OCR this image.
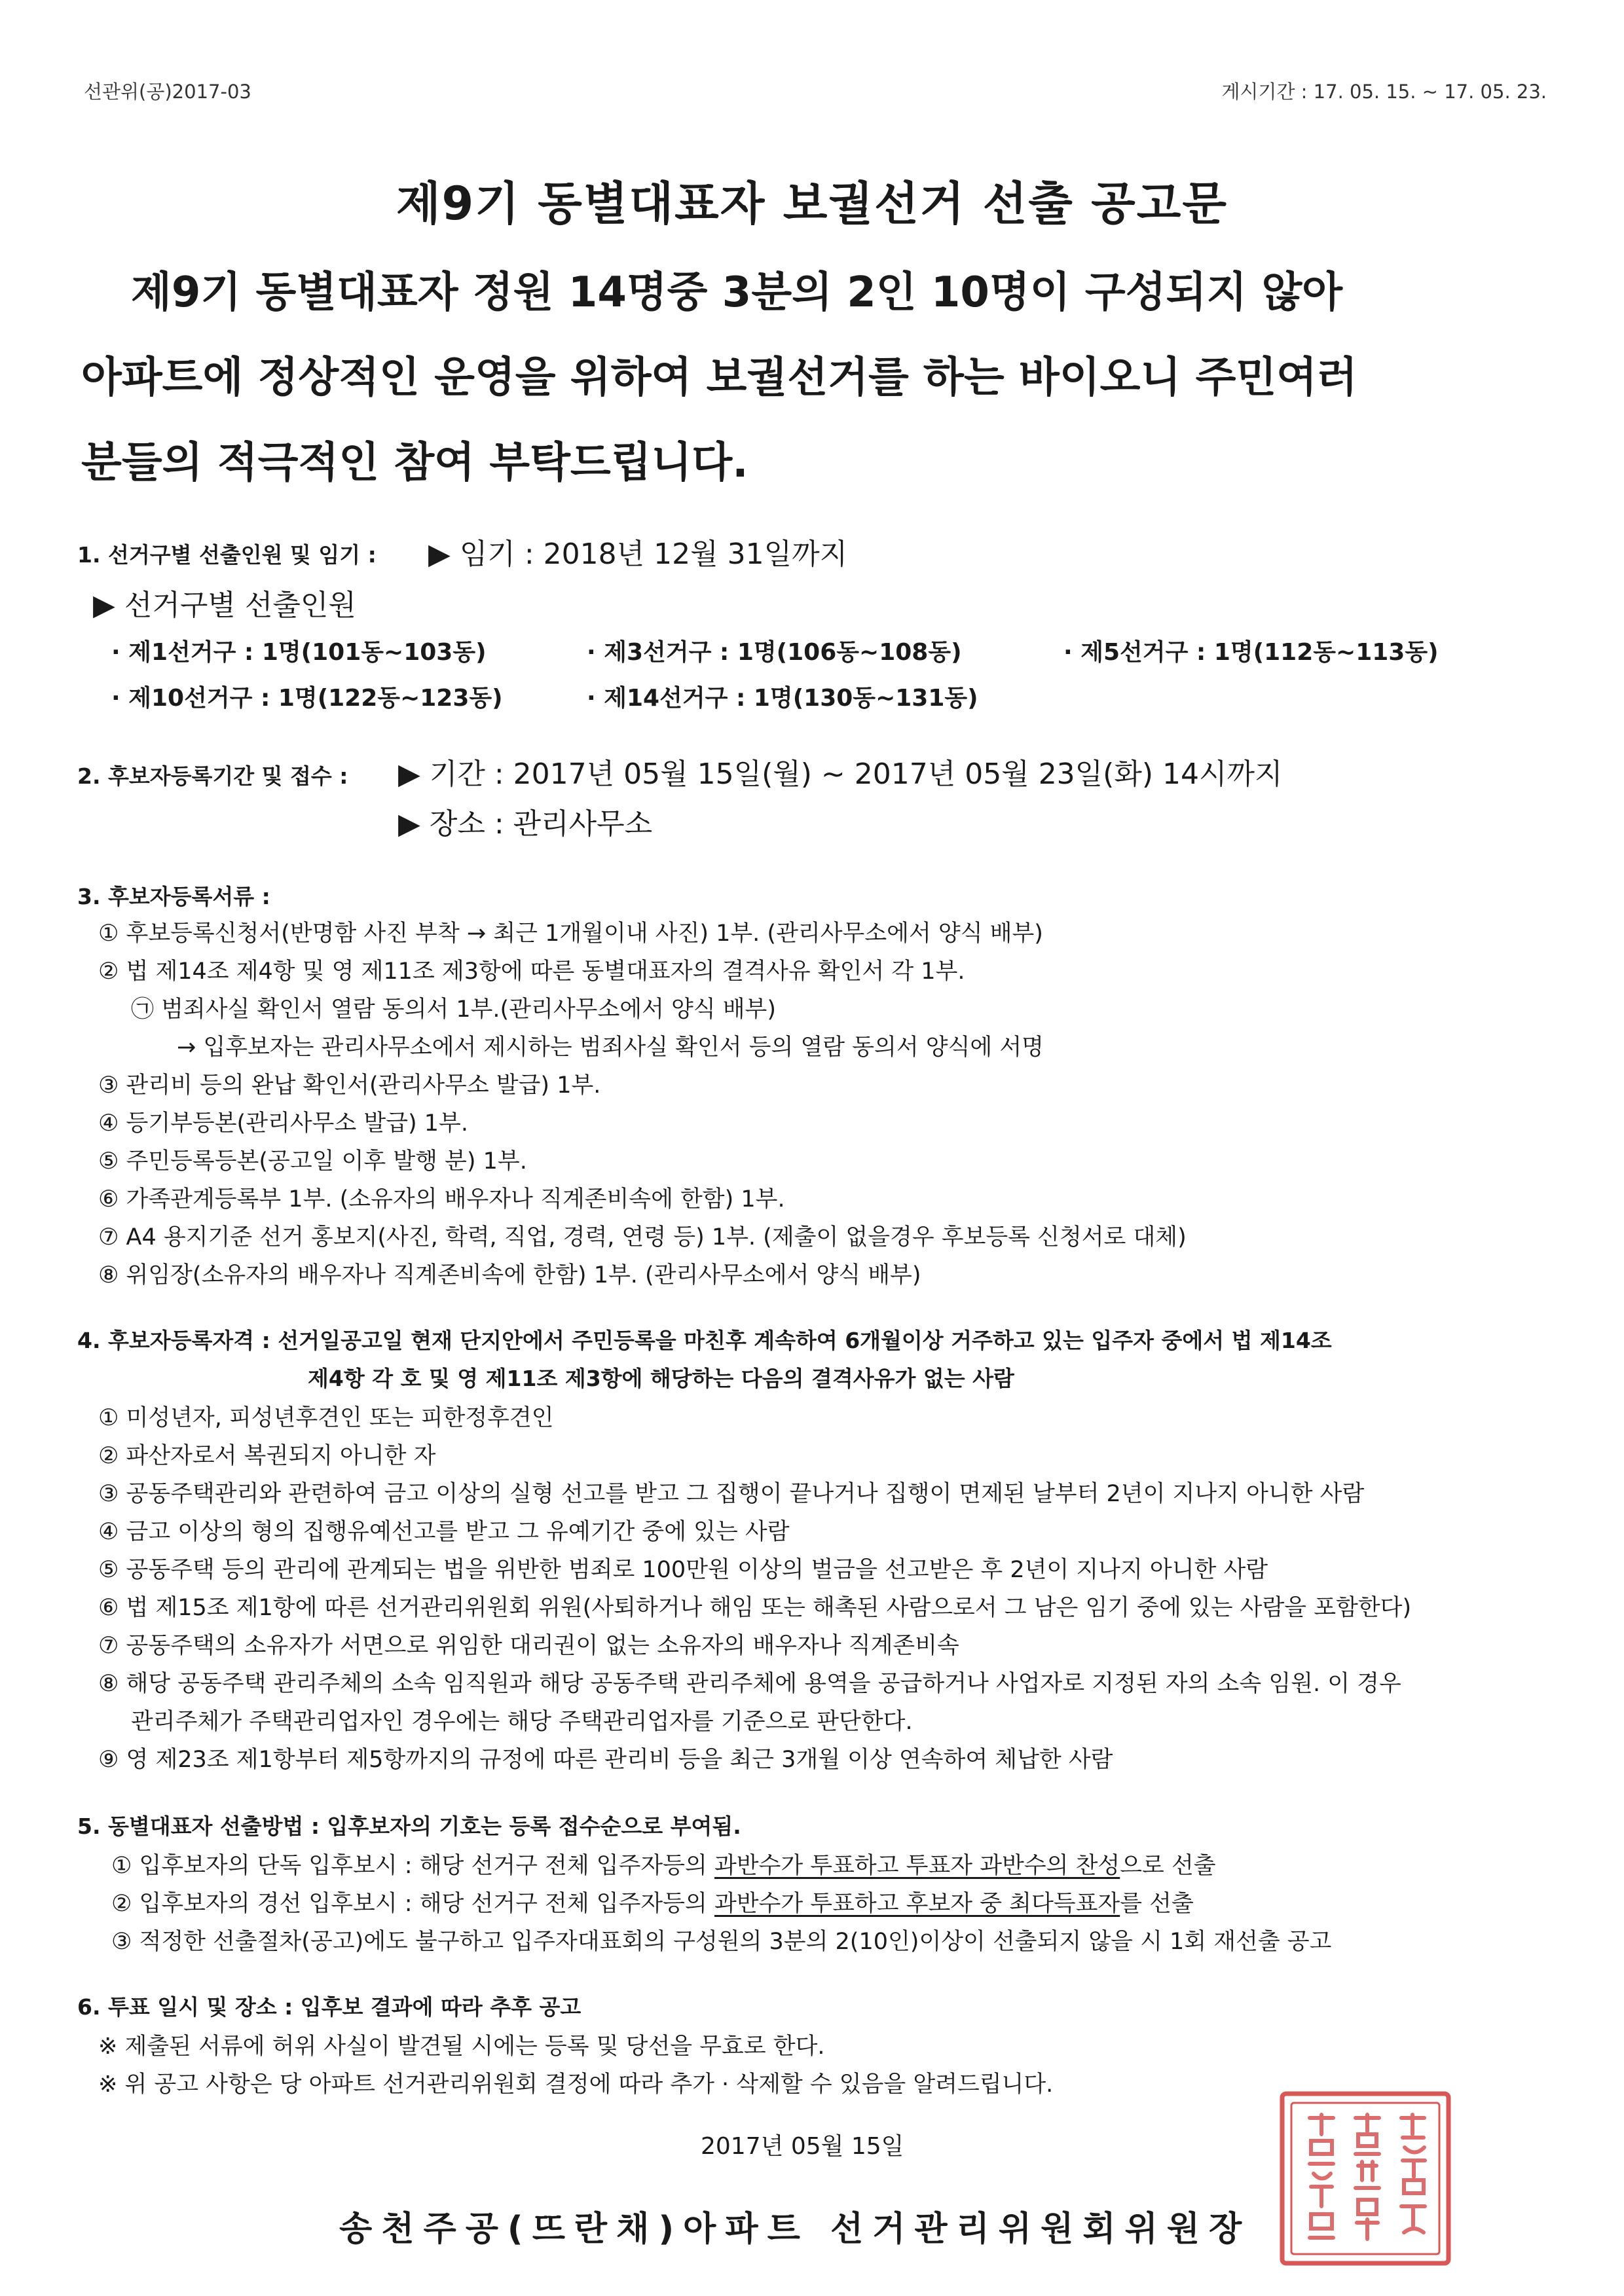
선관위(공)2017-03	게시기간 : 17. 05. 15. ~ 17. 05. 23.
제9기 동별대표자 보궐선거 선출 공고문
제9기 동별대표자 정원 14명중 3분의 2인 10명이 구성되지 않아
아파트에 정상적인 운영을 위하여 보궐선거를 하는 바이오니 주민여러
분들의 적극적인 참여 부탁드립니다.
1. 선거구별 선출인원 및 임기 : ▶ 임기 : 2018년 12월 31일까지
▶ 선거구별 선출인원
· 제1선거구 : 1명(101동~103동)	· 제3선거구 : 1명(106동~108동)	· 제5선거구 : 1명(112동~113동)
· 제10선거구 : 1명(122동~123동)	· 제14선거구 : 1명(130동~131동)
2. 후보자등록기간 및 접수 : ▶ 기간 : 2017년 05월 15일(월) ~ 2017년 05월 23일(화) 14시까지
▶ 장소 : 관리사무소
3. 후보자등록서류 :
① 후보등록신청서(반명함 사진 부착 → 최근 1개월이내 사진) 1부. (관리사무소에서 양식 배부)
② 법 제14조 제4항 및 영 제11조 제3항에 따른 동별대표자의 결격사유 확인서 각 1부.
㉠ 범죄사실 확인서 열람 동의서 1부.(관리사무소에서 양식 배부)
→ 입후보자는 관리사무소에서 제시하는 범죄사실 확인서 등의 열람 동의서 양식에 서명
③ 관리비 등의 완납 확인서(관리사무소 발급) 1부.
④ 등기부등본(관리사무소 발급) 1부.
⑤ 주민등록등본(공고일 이후 발행 분) 1부.
⑥ 가족관계등록부 1부. (소유자의 배우자나 직계존비속에 한함) 1부.
⑦ A4 용지기준 선거 홍보지(사진, 학력, 직업, 경력, 연령 등) 1부. (제출이 없을경우 후보등록 신청서로 대체)
⑧ 위임장(소유자의 배우자나 직계존비속에 한함) 1부. (관리사무소에서 양식 배부)
4. 후보자등록자격 : 선거일공고일 현재 단지안에서 주민등록을 마친후 계속하여 6개월이상 거주하고 있는 입주자 중에서 법 제14조
제4항 각 호 및 영 제11조 제3항에 해당하는 다음의 결격사유가 없는 사람
① 미성년자, 피성년후견인 또는 피한정후견인
② 파산자로서 복권되지 아니한 자
③ 공동주택관리와 관련하여 금고 이상의 실형 선고를 받고 그 집행이 끝나거나 집행이 면제된 날부터 2년이 지나지 아니한 사람
④ 금고 이상의 형의 집행유예선고를 받고 그 유예기간 중에 있는 사람
⑤ 공동주택 등의 관리에 관계되는 법을 위반한 범죄로 100만원 이상의 벌금을 선고받은 후 2년이 지나지 아니한 사람
⑥ 법 제15조 제1항에 따른 선거관리위원회 위원(사퇴하거나 해임 또는 해촉된 사람으로서 그 남은 임기 중에 있는 사람을 포함한다)
⑦ 공동주택의 소유자가 서면으로 위임한 대리권이 없는 소유자의 배우자나 직계존비속
⑧ 해당 공동주택 관리주체의 소속 임직원과 해당 공동주택 관리주체에 용역을 공급하거나 사업자로 지정된 자의 소속 임원. 이 경우
관리주체가 주택관리업자인 경우에는 해당 주택관리업자를 기준으로 판단한다.
⑨ 영 제23조 제1항부터 제5항까지의 규정에 따른 관리비 등을 최근 3개월 이상 연속하여 체납한 사람
5. 동별대표자 선출방법 : 입후보자의 기호는 등록 접수순으로 부여됨.
① 입후보자의 단독 입후보시 : 해당 선거구 전체 입주자등의 과반수가 투표하고 투표자 과반수의 찬성으로 선출
② 입후보자의 경선 입후보시 : 해당 선거구 전체 입주자등의 과반수가 투표하고 후보자 중 최다득표자를 선출
③ 적정한 선출절차(공고)에도 불구하고 입주자대표회의 구성원의 3분의 2(10인)이상이 선출되지 않을 시 1회 재선출 공고
6. 투표 일시 및 장소 : 입후보 결과에 따라 추후 공고
※ 제출된 서류에 허위 사실이 발견될 시에는 등록 및 당선을 무효로 한다.
※ 위 공고 사항은 당 아파트 선거관리위원회 결정에 따라 추가 · 삭제할 수 있음을 알려드립니다.
2017년 05월 15일
송천주공(뜨란채)아파트 선거관리위원회위원장
